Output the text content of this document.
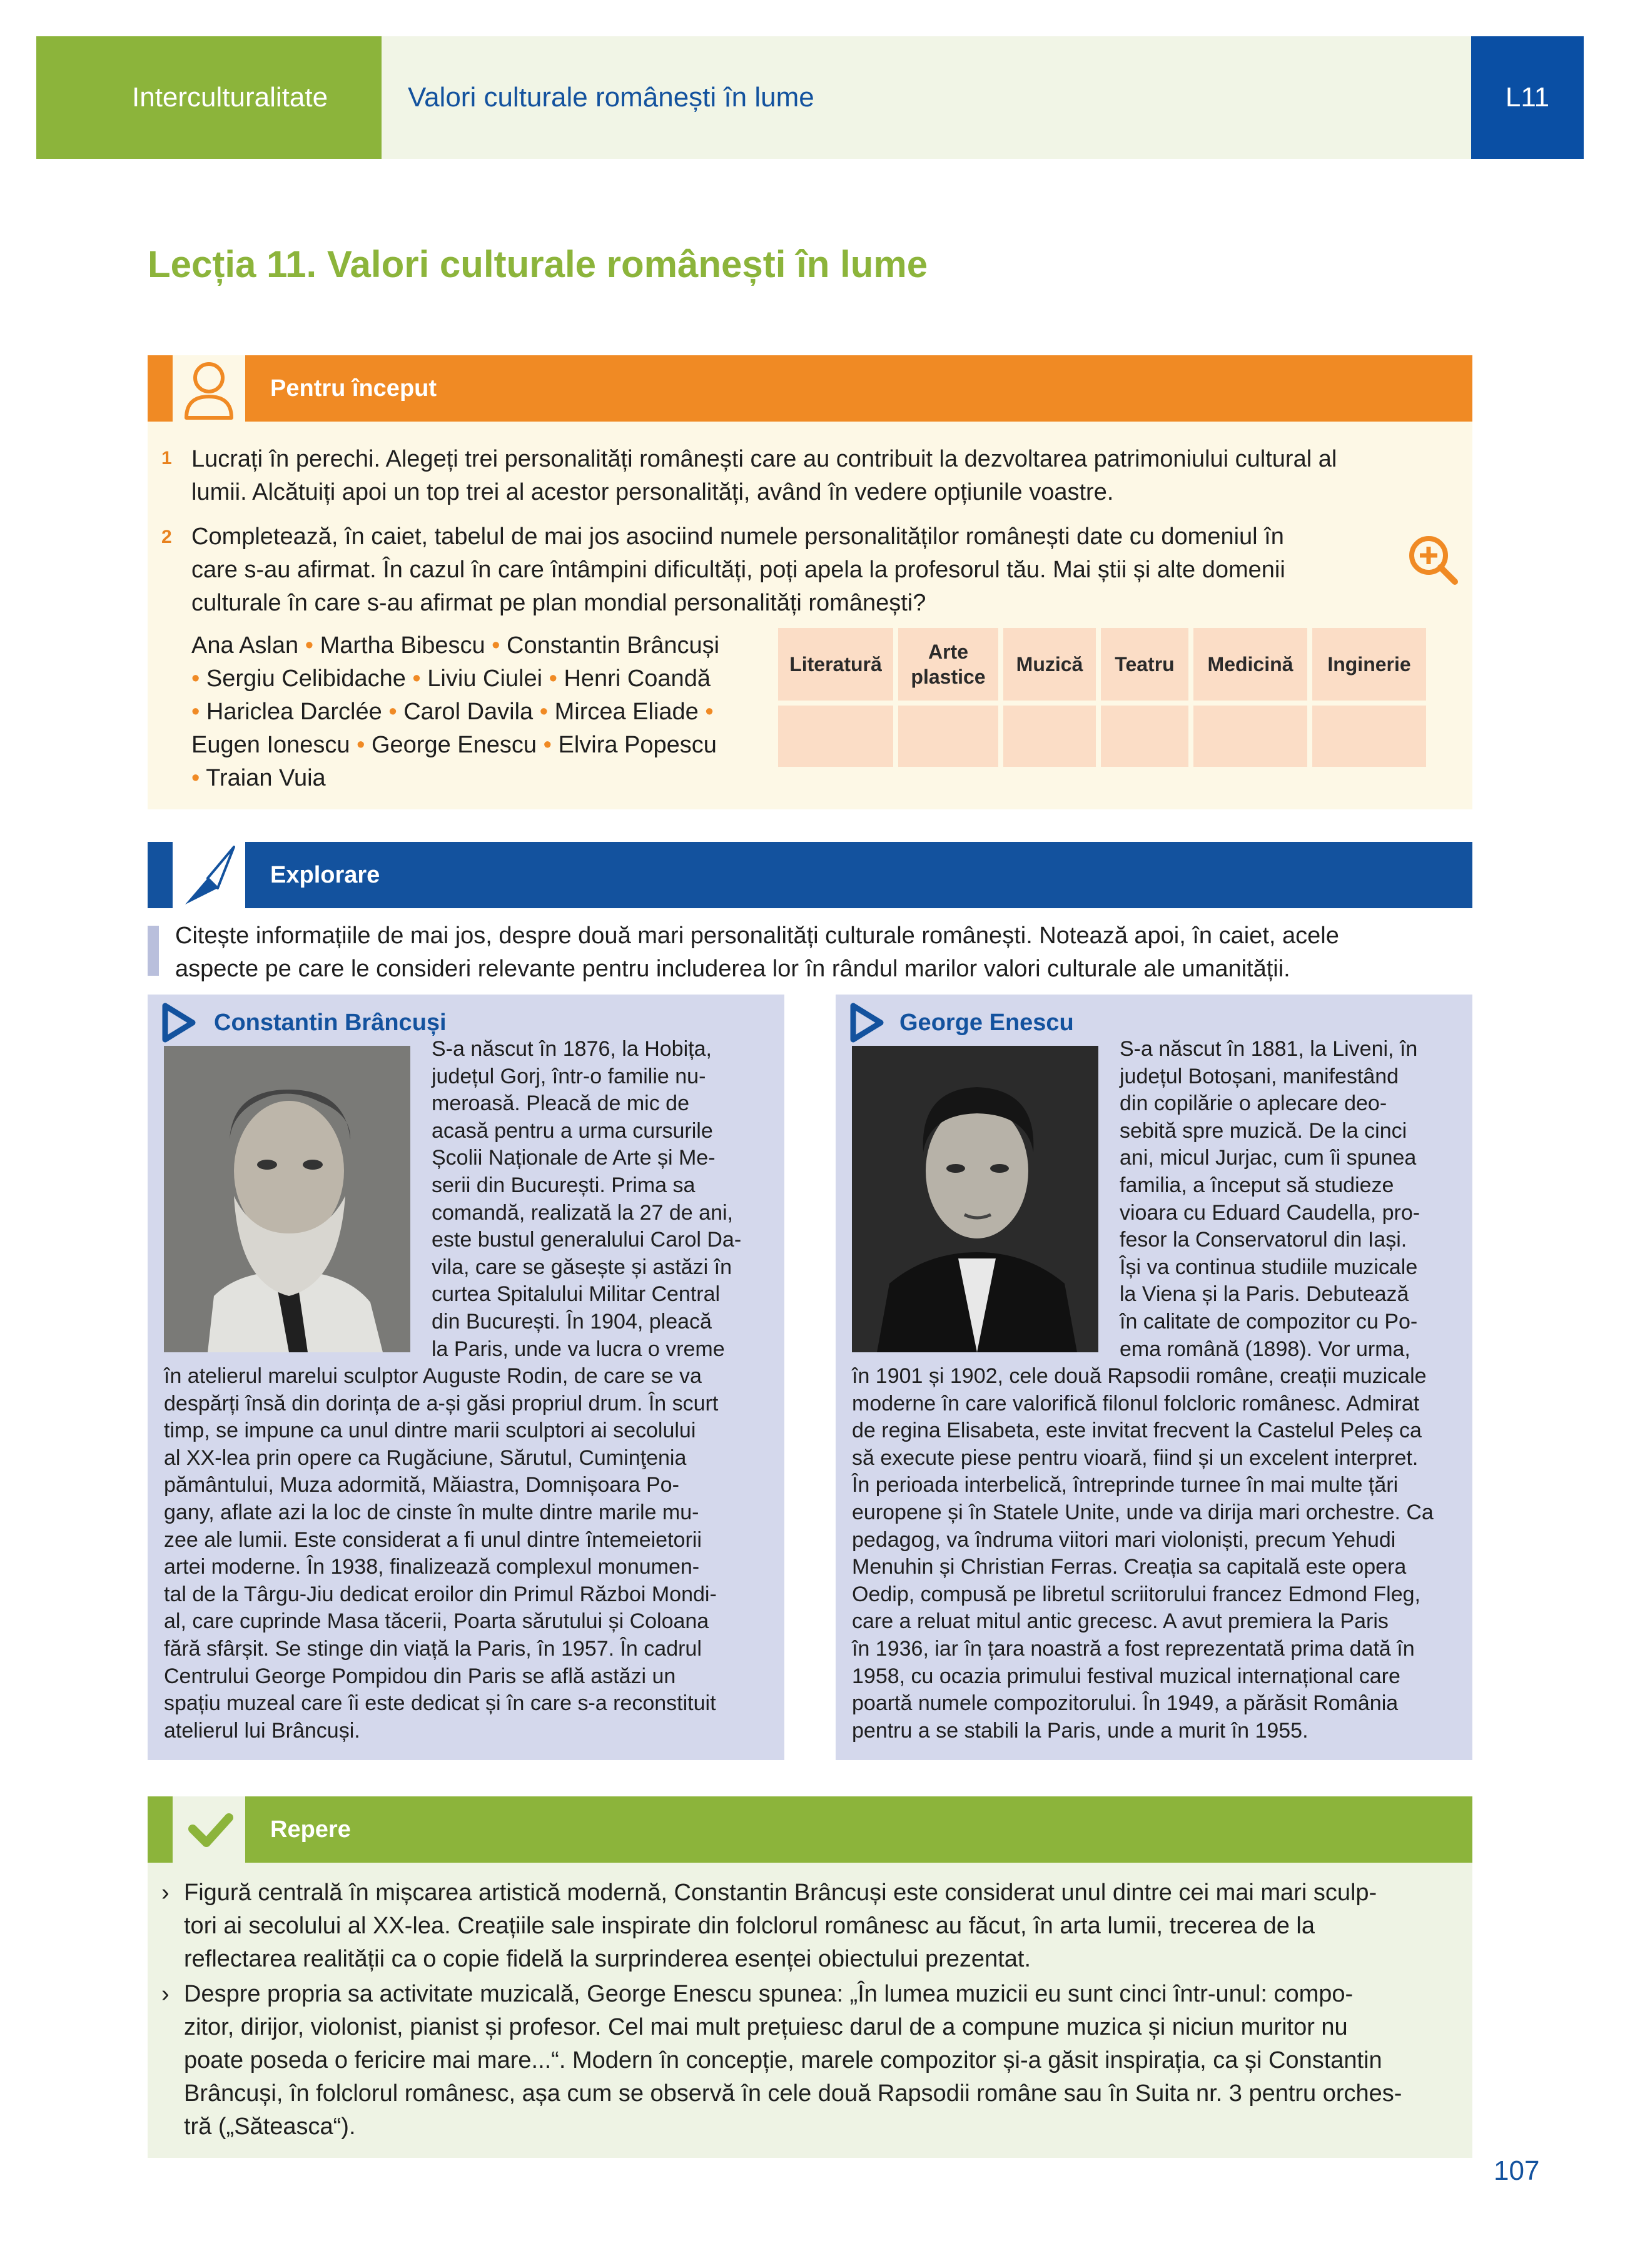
Interculturalitate	Valori culturale românești în lume	L11
Lecția 11. Valori culturale românești în lume
Pentru început
1 Lucrați în perechi. Alegeți trei personalități românești care au contribuit la dezvoltarea patrimoniului cultural al
lumii. Alcătuiți apoi un top trei al acestor personalități, având în vedere opțiunile voastre.
2 Completează, în caiet, tabelul de mai jos asociind numele personalităților românești date cu domeniul în
care s-au afirmat. În cazul în care întâmpini dificultăți, poți apela la profesorul tău. Mai știi și alte domenii
culturale în care s-au afirmat pe plan mondial personalități românești?
Ana Aslan • Martha Bibescu • Constantin Brâncuși
• Sergiu Celibidache • Liviu Ciulei • Henri Coandă
• Hariclea Darclée • Carol Davila • Mircea Eliade •
Eugen Ionescu • George Enescu • Elvira Popescu
• Traian Vuia
Literatură	Arte plastice	Muzică	Teatru	Medicină	Inginerie

Explorare
Citește informațiile de mai jos, despre două mari personalități culturale românești. Notează apoi, în caiet, acele
aspecte pe care le consideri relevante pentru includerea lor în rândul marilor valori culturale ale umanității.
Constantin Brâncuși
S-a născut în 1876, la Hobița,
județul Gorj, într-o familie nu-
meroasă. Pleacă de mic de
acasă pentru a urma cursurile
Școlii Naționale de Arte și Me-
serii din București. Prima sa
comandă, realizată la 27 de ani,
este bustul generalului Carol Da-
vila, care se găsește și astăzi în
curtea Spitalului Militar Central
din București. În 1904, pleacă
la Paris, unde va lucra o vreme
în atelierul marelui sculptor Auguste Rodin, de care se va
despărți însă din dorința de a-și găsi propriul drum. În scurt
timp, se impune ca unul dintre marii sculptori ai secolului
al XX-lea prin opere ca Rugăciune, Sărutul, Cuminţenia
pământului, Muza adormită, Măiastra, Domnișoara Po-
gany, aflate azi la loc de cinste în multe dintre marile mu-
zee ale lumii. Este considerat a fi unul dintre întemeietorii
artei moderne. În 1938, finalizează complexul monumen-
tal de la Târgu-Jiu dedicat eroilor din Primul Război Mondi-
al, care cuprinde Masa tăcerii, Poarta sărutului și Coloana
fără sfârșit. Se stinge din viață la Paris, în 1957. În cadrul
Centrului George Pompidou din Paris se află astăzi un
spațiu muzeal care îi este dedicat și în care s-a reconstituit
atelierul lui Brâncuși.
George Enescu
S-a născut în 1881, la Liveni, în
județul Botoșani, manifestând
din copilărie o aplecare deo-
sebită spre muzică. De la cinci
ani, micul Jurjac, cum îi spunea
familia, a început să studieze
vioara cu Eduard Caudella, pro-
fesor la Conservatorul din Iași.
Își va continua studiile muzicale
la Viena și la Paris. Debutează
în calitate de compozitor cu Po-
ema română (1898). Vor urma,
în 1901 și 1902, cele două Rapsodii române, creații muzicale
moderne în care valorifică filonul folcloric românesc. Admirat
de regina Elisabeta, este invitat frecvent la Castelul Peleș ca
să execute piese pentru vioară, fiind și un excelent interpret.
În perioada interbelică, întreprinde turnee în mai multe țări
europene și în Statele Unite, unde va dirija mari orchestre. Ca
pedagog, va îndruma viitori mari violoniști, precum Yehudi
Menuhin și Christian Ferras. Creația sa capitală este opera
Oedip, compusă pe libretul scriitorului francez Edmond Fleg,
care a reluat mitul antic grecesc. A avut premiera la Paris
în 1936, iar în țara noastră a fost reprezentată prima dată în
1958, cu ocazia primului festival muzical internațional care
poartă numele compozitorului. În 1949, a părăsit România
pentru a se stabili la Paris, unde a murit în 1955.
Repere
› Figură centrală în mișcarea artistică modernă, Constantin Brâncuși este considerat unul dintre cei mai mari sculp-
tori ai secolului al XX-lea. Creațiile sale inspirate din folclorul românesc au făcut, în arta lumii, trecerea de la
reflectarea realității ca o copie fidelă la surprinderea esenței obiectului prezentat.
› Despre propria sa activitate muzicală, George Enescu spunea: „În lumea muzicii eu sunt cinci într-unul: compo-
zitor, dirijor, violonist, pianist și profesor. Cel mai mult prețuiesc darul de a compune muzica și niciun muritor nu
poate poseda o fericire mai mare...“. Modern în concepție, marele compozitor și-a găsit inspirația, ca și Constantin
Brâncuși, în folclorul românesc, așa cum se observă în cele două Rapsodii române sau în Suita nr. 3 pentru orches-
tră („Săteasca“).
107
